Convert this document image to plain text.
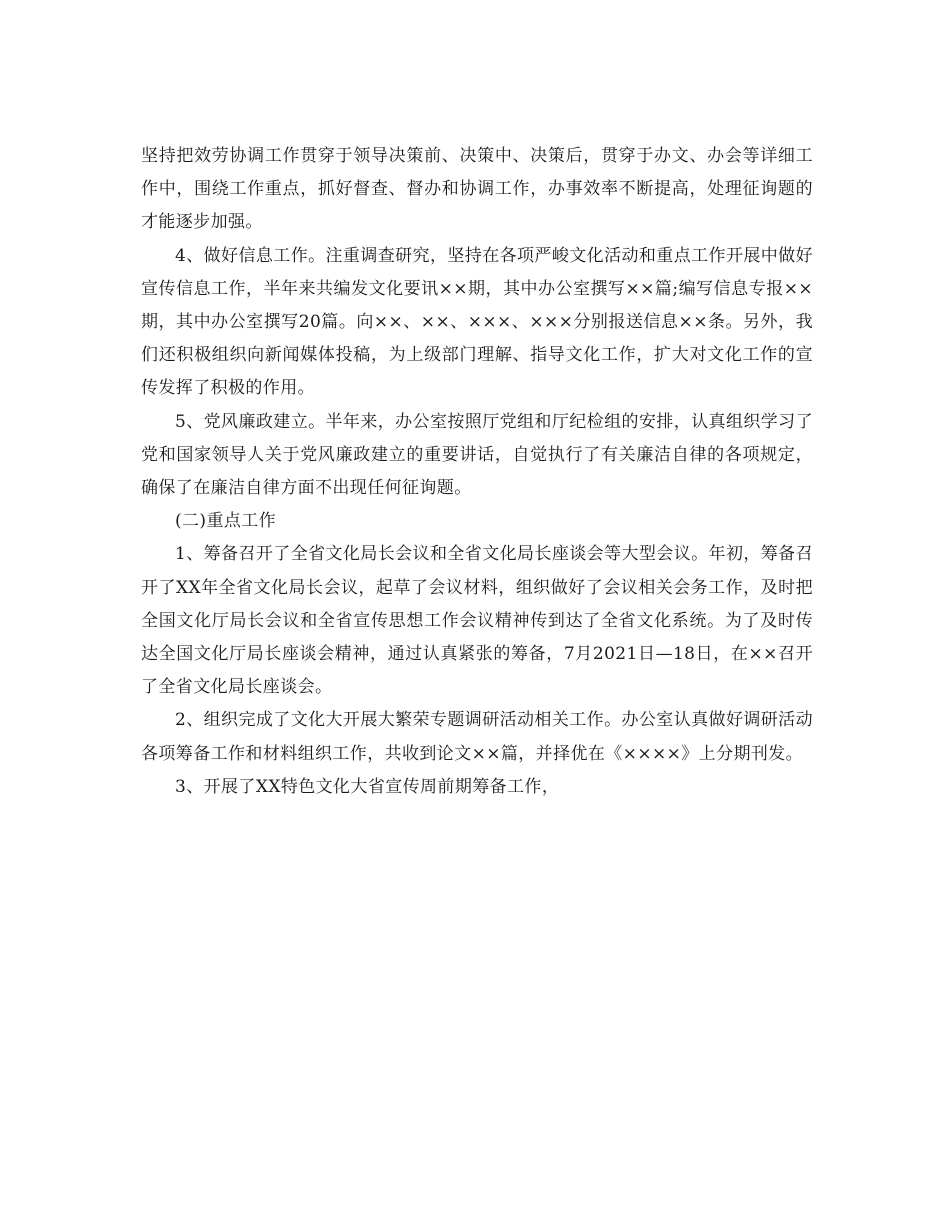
坚持把效劳协调工作贯穿于领导决策前、决策中、决策后，贯穿于办文、办会等详细工作中，围绕工作重点，抓好督查、督办和协调工作，办事效率不断提高，处理征询题的才能逐步加强。

4、做好信息工作。注重调查研究，坚持在各项严峻文化活动和重点工作开展中做好宣传信息工作，半年来共编发文化要讯××期，其中办公室撰写××篇;编写信息专报××期，其中办公室撰写20篇。向××、××、×××、×××分别报送信息××条。另外，我们还积极组织向新闻媒体投稿，为上级部门理解、指导文化工作，扩大对文化工作的宣传发挥了积极的作用。

5、党风廉政建立。半年来，办公室按照厅党组和厅纪检组的安排，认真组织学习了党和国家领导人关于党风廉政建立的重要讲话，自觉执行了有关廉洁自律的各项规定，确保了在廉洁自律方面不出现任何征询题。

(二)重点工作

1、筹备召开了全省文化局长会议和全省文化局长座谈会等大型会议。年初，筹备召开了XX年全省文化局长会议，起草了会议材料，组织做好了会议相关会务工作，及时把全国文化厅局长会议和全省宣传思想工作会议精神传到达了全省文化系统。为了及时传达全国文化厅局长座谈会精神，通过认真紧张的筹备，7月2021日—18日，在××召开了全省文化局长座谈会。

2、组织完成了文化大开展大繁荣专题调研活动相关工作。办公室认真做好调研活动各项筹备工作和材料组织工作，共收到论文××篇，并择优在《××××》上分期刊发。

3、开展了XX特色文化大省宣传周前期筹备工作，
